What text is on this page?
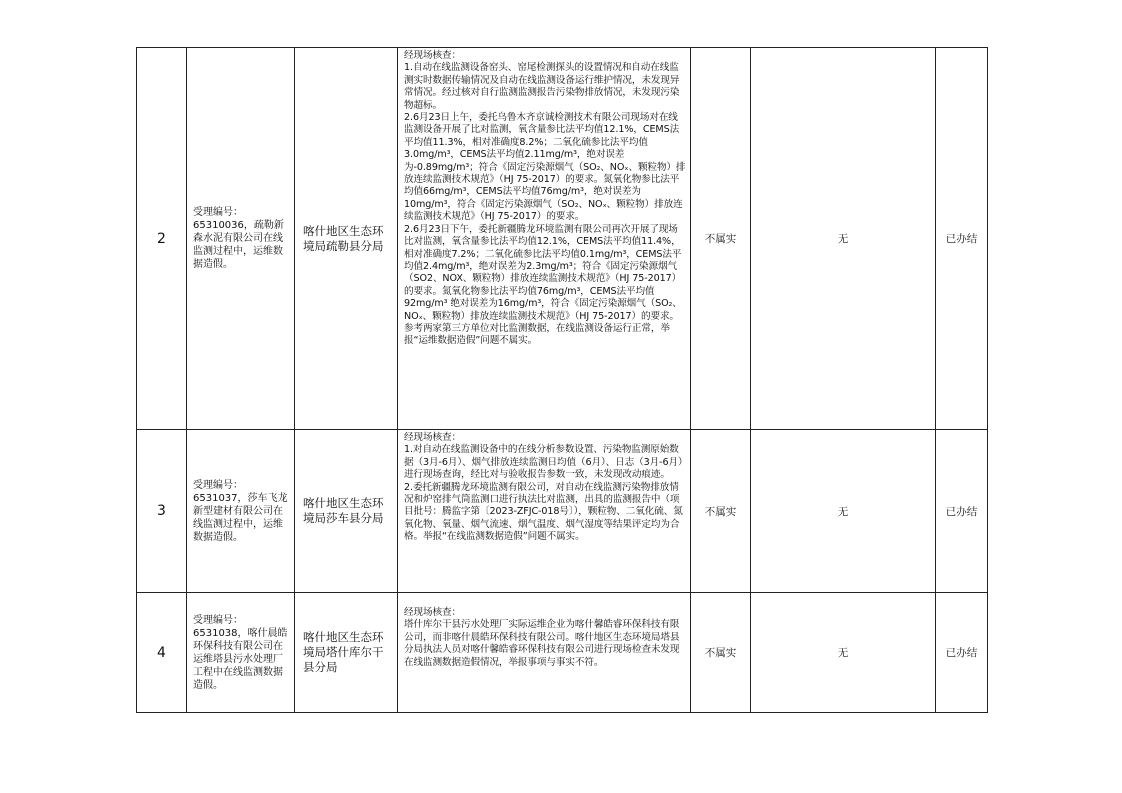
2	受理编号：65310036，疏勒新森水泥有限公司在线监测过程中，运维数据造假。	喀什地区生态环境局疏勒县分局	经现场核查：

1.自动在线监测设备窑头、窑尾检测探头的设置情况和自动在线监测实时数据传输情况及自动在线监测设备运行维护情况，未发现异常情况。经过核对自行监测监测报告污染物排放情况，未发现污染物超标。

2.6月23日上午，委托乌鲁木齐京诚检测技术有限公司现场对在线监测设备开展了比对监测，氧含量参比法平均值12.1%，CEMS法平均值11.3%，相对准确度8.2%；二氧化硫参比法平均值3.0mg/m³，CEMS法平均值2.11mg/m³，绝对误差为-0.89mg/m³；符合《固定污染源烟气（SO₂、NOₓ、颗粒物）排放连续监测技术规范》（HJ 75-2017）的要求。氮氧化物参比法平均值66mg/m³，CEMS法平均值76mg/m³，绝对误差为10mg/m³，符合《固定污染源烟气（SO₂、NOₓ、颗粒物）排放连续监测技术规范》（HJ 75-2017）的要求。

2.6月23日下午，委托新疆腾龙环境监测有限公司再次开展了现场比对监测，氧含量参比法平均值12.1%，CEMS法平均值11.4%，相对准确度7.2%；二氧化硫参比法平均值0.1mg/m³，CEMS法平均值2.4mg/m³，绝对误差为2.3mg/m³；符合《固定污染源烟气（SO2、NOX、颗粒物）排放连续监测技术规范》（HJ 75-2017）的要求。氮氧化物参比法平均值76mg/m³，CEMS法平均值92mg/m³ 绝对误差为16mg/m³，符合《固定污染源烟气（SO₂、NOₓ、颗粒物）排放连续监测技术规范》（HJ 75-2017）的要求。参考两家第三方单位对比监测数据，在线监测设备运行正常，举报“运维数据造假”问题不属实。	不属实	无	已办结
3	受理编号：6531037，莎车飞龙新型建材有限公司在线监测过程中，运维数据造假。	喀什地区生态环境局莎车县分局	经现场核查：

1.对自动在线监测设备中的在线分析参数设置、污染物监测原始数据（3月-6月）、烟气排放连续监测日均值（6月）、日志（3月-6月）进行现场查询，经比对与验收报告参数一致，未发现改动痕迹。

2.委托新疆腾龙环境监测有限公司，对自动在线监测污染物排放情况和炉窑排气筒监测口进行执法比对监测，出具的监测报告中（项目批号：腾监字第〔2023-ZFJC-018号〕），颗粒物、二氧化硫、氮氧化物、氧量、烟气流速、烟气温度、烟气湿度等结果评定均为合格。举报“在线监测数据造假”问题不属实。	不属实	无	已办结
4	受理编号：6531038，喀什晨皓环保科技有限公司在运维塔县污水处理厂工程中在线监测数据造假。	喀什地区生态环境局塔什库尔干县分局	经现场核查：

塔什库尔干县污水处理厂实际运维企业为喀什馨皓睿环保科技有限公司，而非喀什晨皓环保科技有限公司。喀什地区生态环境局塔县分局执法人员对喀什馨皓睿环保科技有限公司进行现场检查未发现在线监测数据造假情况，举报事项与事实不符。	不属实	无	已办结
